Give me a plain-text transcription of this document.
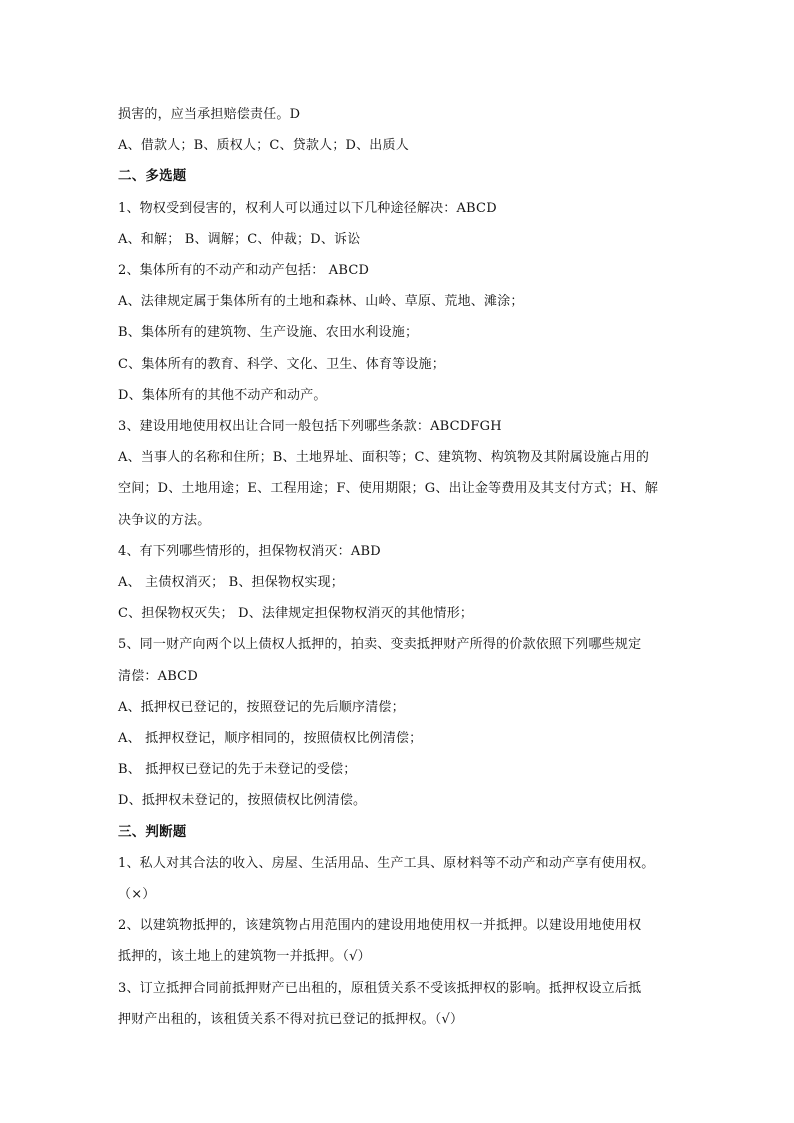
损害的，应当承担赔偿责任。D
A、借款人；B、质权人；C、贷款人；D、出质人
二、多选题
1、物权受到侵害的，权利人可以通过以下几种途径解决：ABCD
A、和解； B、调解；C、仲裁；D、诉讼
2、集体所有的不动产和动产包括： ABCD
A、法律规定属于集体所有的土地和森林、山岭、草原、荒地、滩涂；
B、集体所有的建筑物、生产设施、农田水利设施；
C、集体所有的教育、科学、文化、卫生、体育等设施；
D、集体所有的其他不动产和动产。
3、建设用地使用权出让合同一般包括下列哪些条款：ABCDFGH
A、当事人的名称和住所；B、土地界址、面积等；C、建筑物、构筑物及其附属设施占用的
空间；D、土地用途；E、工程用途；F、使用期限；G、出让金等费用及其支付方式；H、解
决争议的方法。
4、有下列哪些情形的，担保物权消灭：ABD
A、 主债权消灭； B、担保物权实现；
C、担保物权灭失； D、法律规定担保物权消灭的其他情形；
5、同一财产向两个以上债权人抵押的，拍卖、变卖抵押财产所得的价款依照下列哪些规定
清偿：ABCD
A、抵押权已登记的，按照登记的先后顺序清偿；
A、 抵押权登记，顺序相同的，按照债权比例清偿；
B、 抵押权已登记的先于未登记的受偿；
D、抵押权未登记的，按照债权比例清偿。
三、判断题
1、私人对其合法的收入、房屋、生活用品、生产工具、原材料等不动产和动产享有使用权。
（×）
2、以建筑物抵押的，该建筑物占用范围内的建设用地使用权一并抵押。以建设用地使用权
抵押的，该土地上的建筑物一并抵押。（√）
3、订立抵押合同前抵押财产已出租的，原租赁关系不受该抵押权的影响。抵押权设立后抵
押财产出租的，该租赁关系不得对抗已登记的抵押权。（√）
